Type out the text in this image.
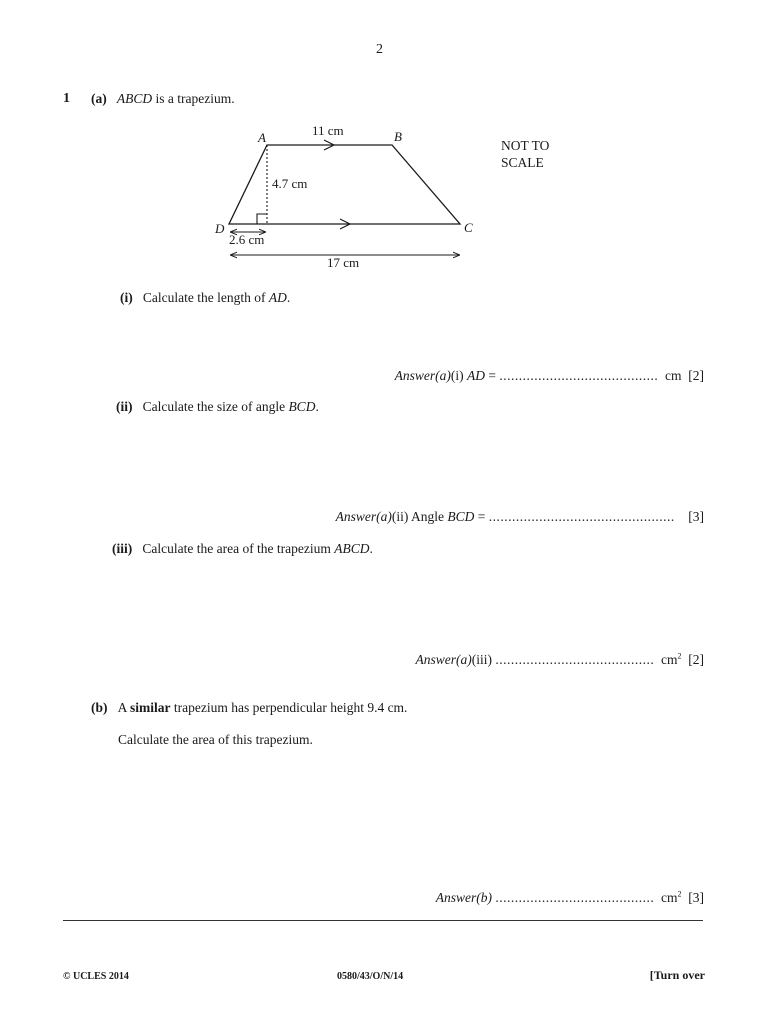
2
1 (a) ABCD is a trapezium.
A	B
C
D
11 cm
4.7 cm
2.6 cm
17 cm
NOT TO
SCALE
(i) Calculate the length of AD.
Answer(a)(i) AD = ......................................... cm [2]
(ii) Calculate the size of angle BCD.
Answer(a)(ii) Angle BCD = ................................................ [3]
(iii) Calculate the area of the trapezium ABCD.
Answer(a)(iii) ......................................... $cm^2$ [2]
(b) A similar trapezium has perpendicular height 9.4 cm.
Calculate the area of this trapezium.
Answer(b) ......................................... $cm^2$ [3]
© UCLES 2014	0580/43/O/N/14	[Turn over
